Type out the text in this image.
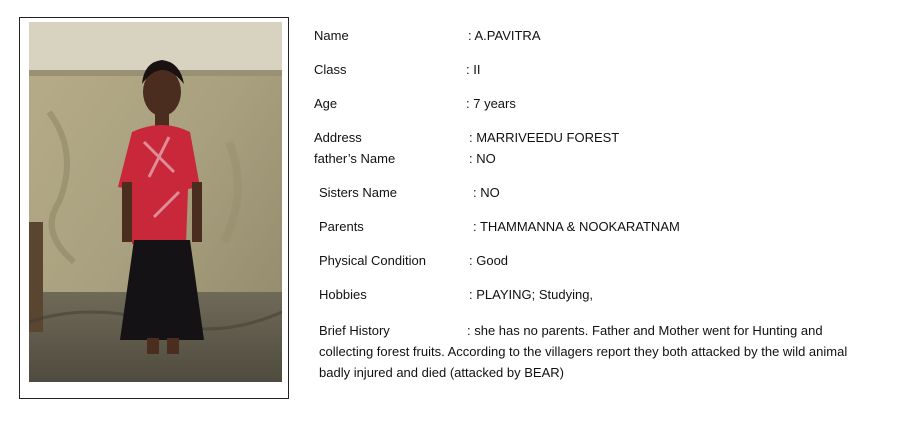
Name	: A.PAVITRA
Class	: II
Age	: 7 years
Address	: MARRIVEEDU FOREST
father’s Name	: NO
Sisters Name	: NO
Parents	: THAMMANNA & NOOKARATNAM
Physical Condition	: Good
Hobbies	: PLAYING; Studying,
Brief History	: she has no parents. Father and Mother went for Hunting and collecting forest fruits. According to the villagers report they both attacked by the wild animal badly injured and died (attacked by BEAR)
